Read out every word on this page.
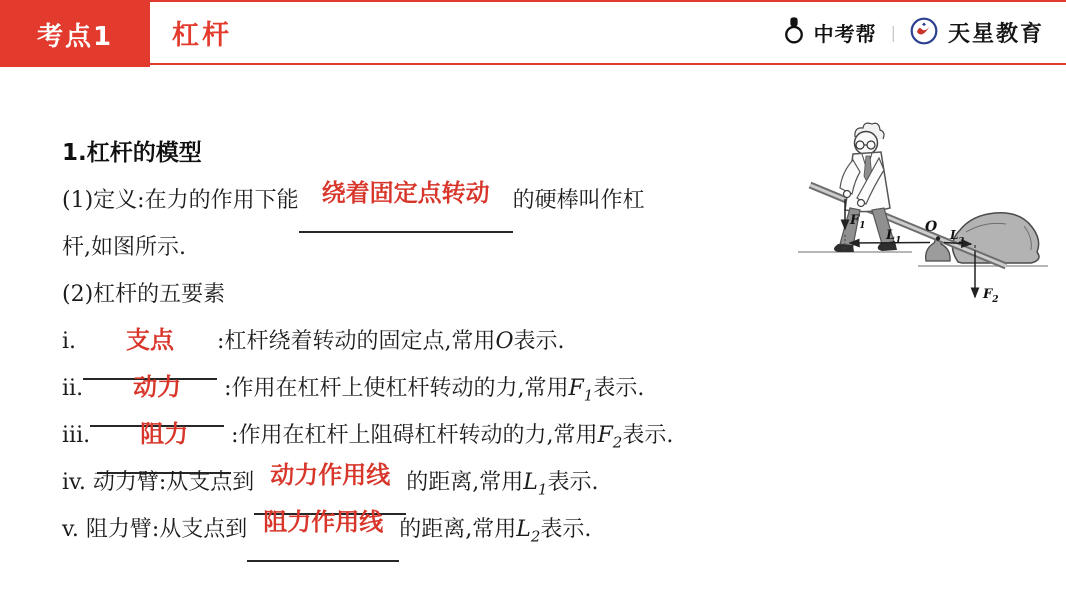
考点1 杠杆	中考帮 | 天星教育
1.杠杆的模型
(1)定义:在力的作用下能 绕着固定点转动 的硬棒叫作杠
杆,如图所示.
(2)杠杆的五要素
i. 支点 :杠杆绕着转动的固定点,常用O表示.
ii. 动力 :作用在杠杆上使杠杆转动的力,常用$F_1$表示.
iii. 阻力 :作用在杠杆上阻碍杠杆转动的力,常用$F_2$表示.
iv. 动力臂:从支点到 动力作用线 的距离,常用$L_1$表示.
v. 阻力臂:从支点到 阻力作用线 的距离,常用$L_2$表示.
$F_1$
$L_1$
O $L_2$
$F_2$
